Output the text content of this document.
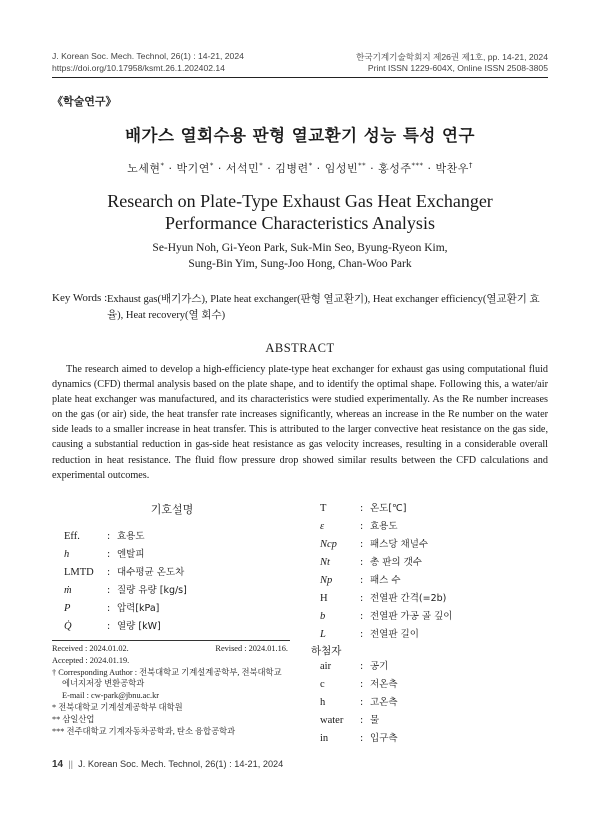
J. Korean Soc. Mech. Technol, 26(1) : 14-21, 2024
https://doi.org/10.17958/ksmt.26.1.202402.14
한국기계기술학회지 제26권 제1호, pp. 14-21, 2024
Print ISSN 1229-604X, Online ISSN 2508-3805
《학술연구》
배가스 열회수용 판형 열교환기 성능 특성 연구
노세현* · 박기연* · 서석민* · 김병련* · 임성빈** · 홍성주*** · 박찬우†
Research on Plate-Type Exhaust Gas Heat Exchanger Performance Characteristics Analysis
Se-Hyun Noh, Gi-Yeon Park, Suk-Min Seo, Byung-Ryeon Kim,
Sung-Bin Yim, Sung-Joo Hong, Chan-Woo Park
Key Words : Exhaust gas(배기가스), Plate heat exchanger(판형 열교환기), Heat exchanger efficiency(열교환기 효율), Heat recovery(열 회수)
ABSTRACT
The research aimed to develop a high-efficiency plate-type heat exchanger for exhaust gas using computational fluid dynamics (CFD) thermal analysis based on the plate shape, and to identify the optimal shape. Following this, a water/air plate heat exchanger was manufactured, and its characteristics were studied experimentally. As the Re number increases on the gas (or air) side, the heat transfer rate increases significantly, whereas an increase in the Re number on the water side leads to a smaller increase in heat transfer. This is attributed to the larger convective heat resistance on the gas side, causing a substantial reduction in gas-side heat resistance as gas velocity increases, resulting in a considerable overall reduction in heat resistance. The fluid flow pressure drop showed similar results between the CFD calculations and experimental outcomes.
기호설명
Eff.	: 효용도
h	: 엔탈피
LMTD : 대수평균 온도차
ṁ	: 질량 유량 [kg/s]
P	: 압력[kPa]
Q̇	: 열량 [kW]
T	: 온도[℃]
ε	: 효용도
Ncp : 패스당 채널수
Nt	: 총 판의 갯수
Np	: 패스 수
H	: 전열판 간격(=2b)
b	: 전열판 가공 골 깊이
L	: 전열판 길이
하첨자
air	: 공기
c	: 저온측
h	: 고온측
water : 물
in	: 입구측
Received : 2024.01.02.	Revised : 2024.01.16.
Accepted : 2024.01.19.
† Corresponding Author : 전북대학교 기계설계공학부, 전북대학교
에너지저장 변환공학과
E-mail : cw-park@jbnu.ac.kr
* 전북대학교 기계설계공학부 대학원
** 삼일산업
*** 전주대학교 기계자동차공학과, 탄소 융합공학과
14  ||  J. Korean Soc. Mech. Technol, 26(1) : 14-21, 2024
